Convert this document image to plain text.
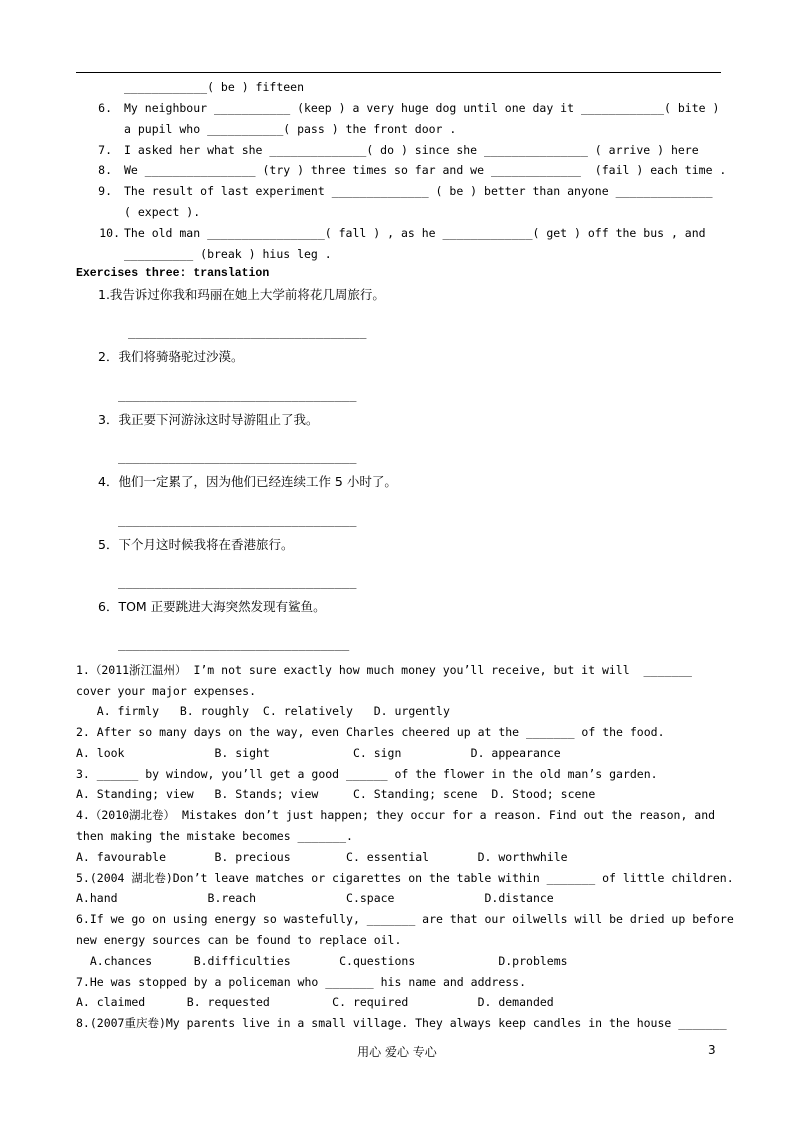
____________( be ) fifteen
6. My neighbour ___________ (keep ) a very huge dog until one day it ____________( bite )
a pupil who ___________( pass ) the front door .
7. I asked her what she ______________( do ) since she _______________ ( arrive ) here
8. We ________________ (try ) three times so far and we _____________  (fail ) each time .
9. The result of last experiment ______________ ( be ) better than anyone ______________
( expect ).
10. The old man _________________( fall ) , as he _____________( get ) off the bus , and
__________ (break ) hius leg .
Exercises three: translation
1.我告诉过你我和玛丽在她上大学前将花几周旅行。
_________________________________
2．我们将骑骆驼过沙漠。
_________________________________
3．我正要下河游泳这时导游阻止了我。
_________________________________
4．他们一定累了，因为他们已经连续工作 5 小时了。
_________________________________
5．下个月这时候我将在香港旅行。
_________________________________
6．TOM 正要跳进大海突然发现有鲨鱼。
________________________________
1.（2011浙江温州） I’m not sure exactly how much money you’ll receive, but it will  _______
cover your major expenses.
A. firmly   B. roughly  C. relatively   D. urgently
2. After so many days on the way, even Charles cheered up at the _______ of the food.
A. look             B. sight            C. sign          D. appearance
3. ______ by window, you’ll get a good ______ of the flower in the old man’s garden.
A. Standing; view   B. Stands; view     C. Standing; scene  D. Stood; scene
4.（2010湖北卷） Mistakes don’t just happen; they occur for a reason. Find out the reason, and
then making the mistake becomes _______.
A. favourable       B. precious        C. essential       D. worthwhile
5.(2004 湖北卷)Don’t leave matches or cigarettes on the table within _______ of little children.
A.hand             B.reach             C.space             D.distance
6.If we go on using energy so wastefully, _______ are that our oilwells will be dried up before
new energy sources can be found to replace oil.
A.chances      B.difficulties       C.questions            D.problems
7.He was stopped by a policeman who _______ his name and address.
A. claimed      B. requested         C. required          D. demanded
8.(2007重庆卷)My parents live in a small village. They always keep candles in the house _______
用心 爱心 专心	3
